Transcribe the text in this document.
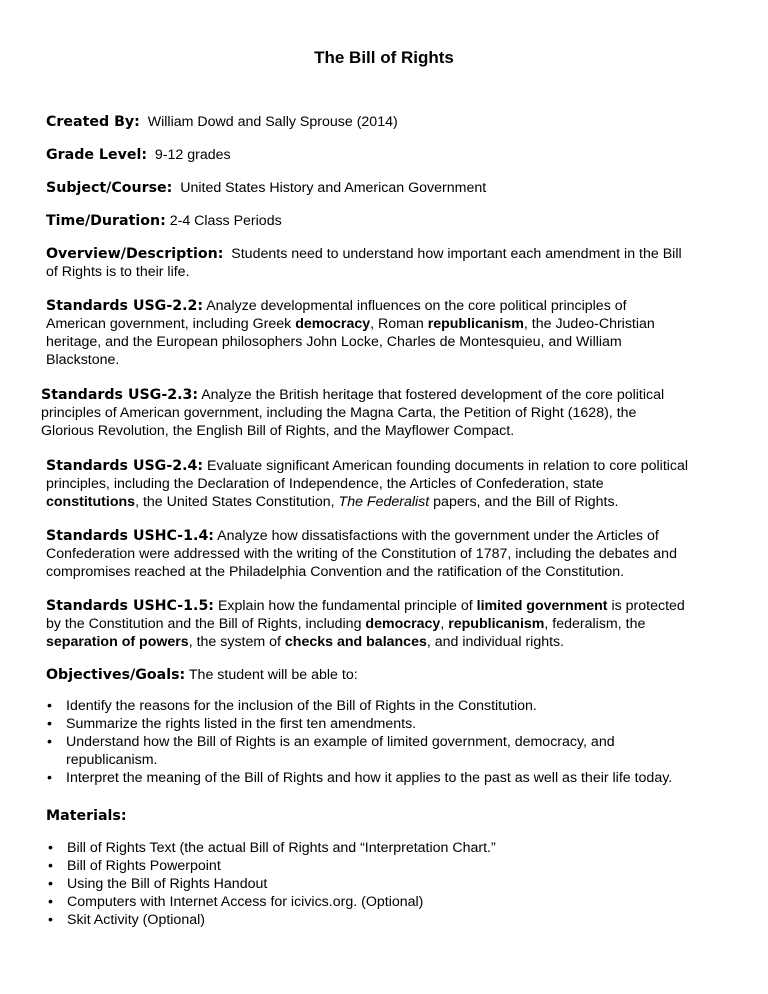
The Bill of Rights
Created By: William Dowd and Sally Sprouse (2014)
Grade Level: 9-12 grades
Subject/Course: United States History and American Government
Time/Duration: 2-4 Class Periods
Overview/Description: Students need to understand how important each amendment in the Bill
of Rights is to their life.
Standards USG-2.2: Analyze developmental influences on the core political principles of
American government, including Greek democracy, Roman republicanism, the Judeo-Christian
heritage, and the European philosophers John Locke, Charles de Montesquieu, and William
Blackstone.
Standards USG-2.3: Analyze the British heritage that fostered development of the core political
principles of American government, including the Magna Carta, the Petition of Right (1628), the
Glorious Revolution, the English Bill of Rights, and the Mayflower Compact.
Standards USG-2.4: Evaluate significant American founding documents in relation to core political
principles, including the Declaration of Independence, the Articles of Confederation, state
constitutions, the United States Constitution, The Federalist papers, and the Bill of Rights.
Standards USHC-1.4: Analyze how dissatisfactions with the government under the Articles of
Confederation were addressed with the writing of the Constitution of 1787, including the debates and
compromises reached at the Philadelphia Convention and the ratification of the Constitution.
Standards USHC-1.5: Explain how the fundamental principle of limited government is protected
by the Constitution and the Bill of Rights, including democracy, republicanism, federalism, the
separation of powers, the system of checks and balances, and individual rights.
Objectives/Goals: The student will be able to:
• Identify the reasons for the inclusion of the Bill of Rights in the Constitution.
• Summarize the rights listed in the first ten amendments.
• Understand how the Bill of Rights is an example of limited government, democracy, and republicanism.
• Interpret the meaning of the Bill of Rights and how it applies to the past as well as their life today.
Materials:
• Bill of Rights Text (the actual Bill of Rights and “Interpretation Chart.”
• Bill of Rights Powerpoint
• Using the Bill of Rights Handout
• Computers with Internet Access for icivics.org. (Optional)
• Skit Activity (Optional)
